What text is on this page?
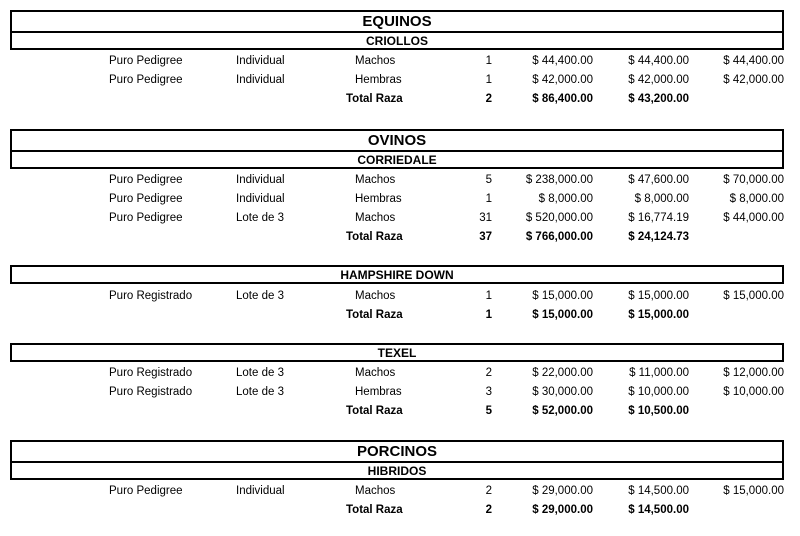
EQUINOS
CRIOLLOS
Puro Pedigree	Individual	Machos	1	$ 44,400.00	$ 44,400.00	$ 44,400.00
Puro Pedigree	Individual	Hembras	1	$ 42,000.00	$ 42,000.00	$ 42,000.00
Total Raza	2	$ 86,400.00	$ 43,200.00
OVINOS
CORRIEDALE
Puro Pedigree	Individual	Machos	5	$ 238,000.00	$ 47,600.00	$ 70,000.00
Puro Pedigree	Individual	Hembras	1	$ 8,000.00	$ 8,000.00	$ 8,000.00
Puro Pedigree	Lote de 3	Machos	31	$ 520,000.00	$ 16,774.19	$ 44,000.00
Total Raza	37	$ 766,000.00	$ 24,124.73
HAMPSHIRE DOWN
Puro Registrado	Lote de 3	Machos	1	$ 15,000.00	$ 15,000.00	$ 15,000.00
Total Raza	1	$ 15,000.00	$ 15,000.00
TEXEL
Puro Registrado	Lote de 3	Machos	2	$ 22,000.00	$ 11,000.00	$ 12,000.00
Puro Registrado	Lote de 3	Hembras	3	$ 30,000.00	$ 10,000.00	$ 10,000.00
Total Raza	5	$ 52,000.00	$ 10,500.00
PORCINOS
HIBRIDOS
Puro Pedigree	Individual	Machos	2	$ 29,000.00	$ 14,500.00	$ 15,000.00
Total Raza	2	$ 29,000.00	$ 14,500.00
